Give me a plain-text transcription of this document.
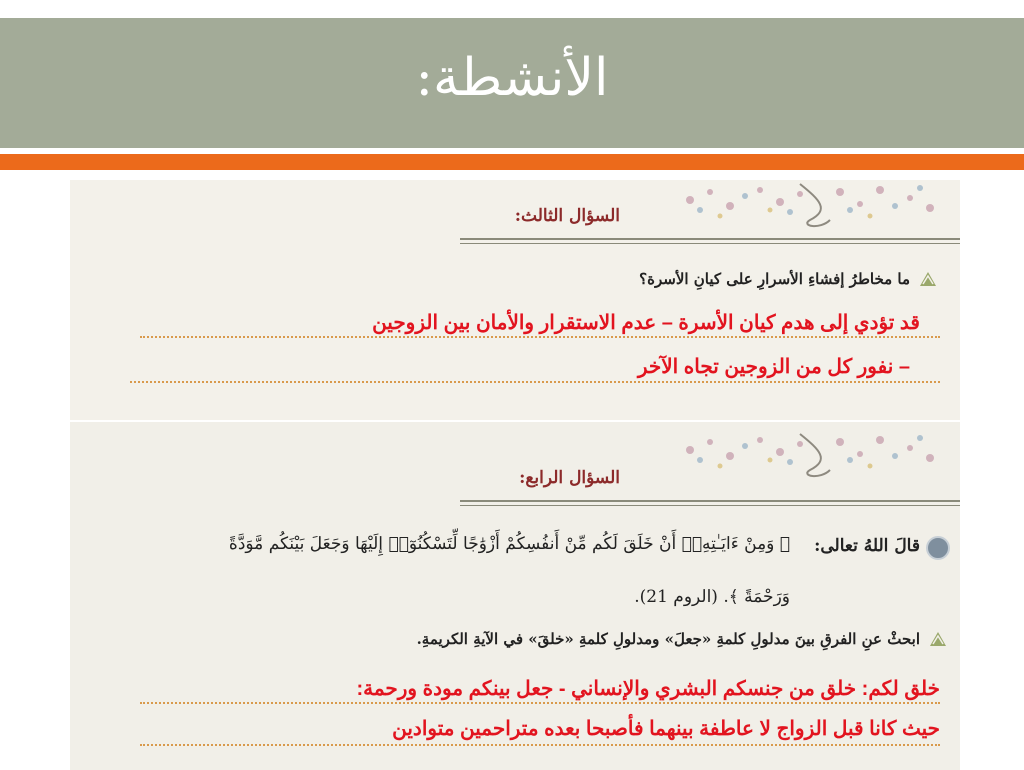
الأنشطة:
السؤال الثالث:
ما مخاطرُ إفشاءِ الأسرارِ على كيانِ الأسرة؟
قد تؤدي إلى هدم كيان الأسرة – عدم الاستقرار والأمان بين الزوجين
– نفور كل من الزوجين تجاه الآخر
السؤال الرابع:
قالَ اللهُ تعالى:
﴿ وَمِنْ ءَايَـٰتِهِۦٓ أَنْ خَلَقَ لَكُم مِّنْ أَنفُسِكُمْ أَزْوَٰجًا لِّتَسْكُنُوٓا۟ إِلَيْهَا وَجَعَلَ بَيْنَكُم مَّوَدَّةً
وَرَحْمَةً ﴾. (الروم 21).
ابحثْ عنِ الفرقِ بينَ مدلولِ كلمةِ «جعلَ» ومدلولِ كلمةِ «خلقَ» في الآيةِ الكريمةِ.
خلق لكم: خلق من جنسكم البشري والإنساني - جعل بينكم مودة ورحمة:
حيث كانا قبل الزواج لا عاطفة بينهما فأصبحا بعده متراحمين متوادين
